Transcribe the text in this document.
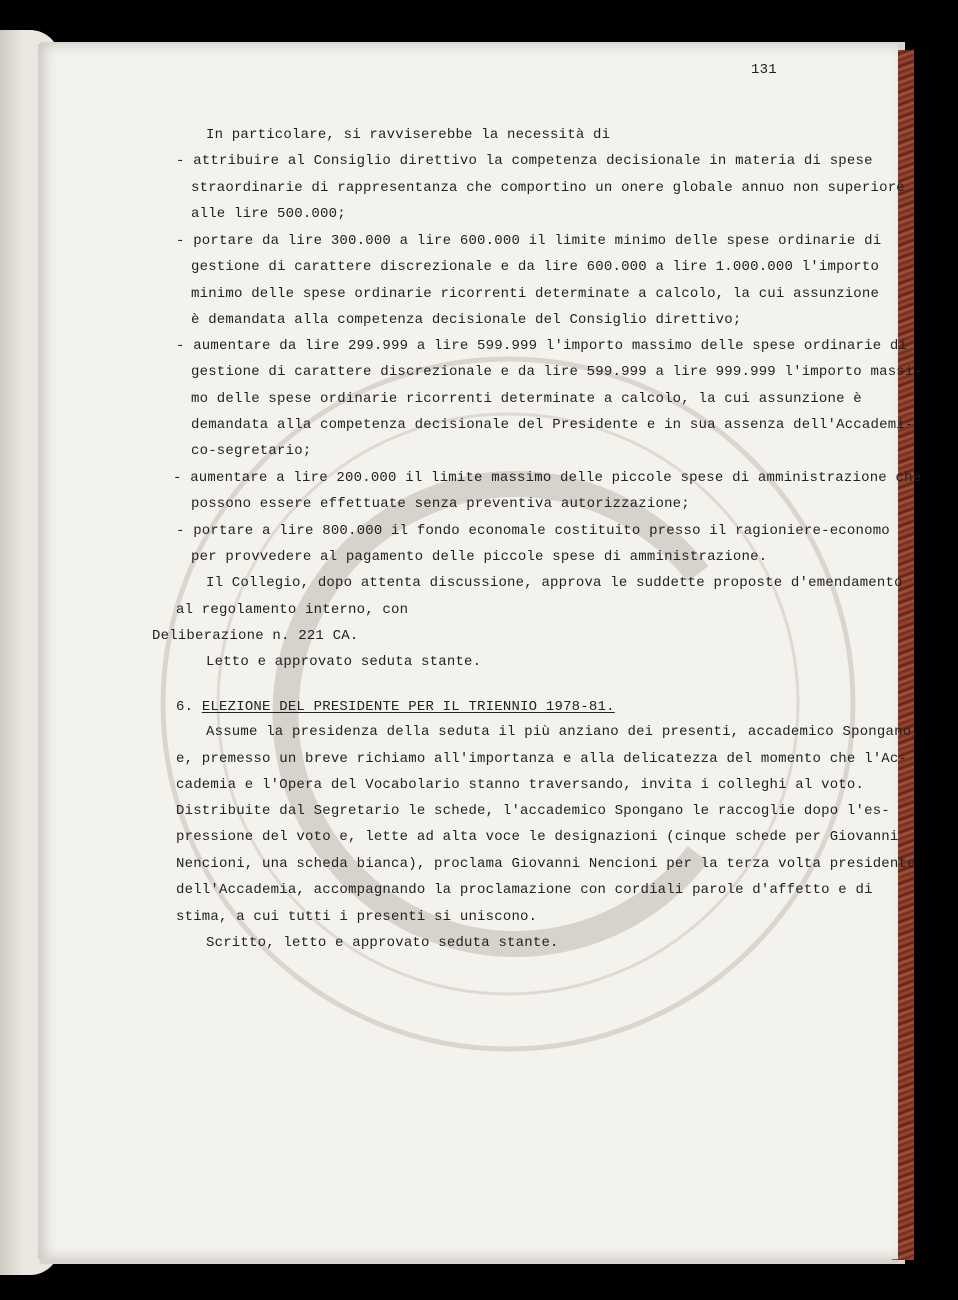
131
In particolare, si ravviserebbe la necessità di
- attribuire al Consiglio direttivo la competenza decisionale in materia di spese
straordinarie di rappresentanza che comportino un onere globale annuo non superiore
alle lire 500.000;
- portare da lire 300.000 a lire 600.000 il limite minimo delle spese ordinarie di
gestione di carattere discrezionale e da lire 600.000 a lire 1.000.000 l'importo
minimo delle spese ordinarie ricorrenti determinate a calcolo, la cui assunzione
è demandata alla competenza decisionale del Consiglio direttivo;
- aumentare da lire 299.999 a lire 599.999 l'importo massimo delle spese ordinarie di
gestione di carattere discrezionale e da lire 599.999 a lire 999.999 l'importo massi-
mo delle spese ordinarie ricorrenti determinate a calcolo, la cui assunzione è
demandata alla competenza decisionale del Presidente e in sua assenza dell'Accademi-
co-segretario;
- aumentare a lire 200.000 il limite massimo delle piccole spese di amministrazione che
possono essere effettuate senza preventiva autorizzazione;
- portare a lire 800.000 il fondo economale costituito presso il ragioniere-economo
per provvedere al pagamento delle piccole spese di amministrazione.
Il Collegio, dopo attenta discussione, approva le suddette proposte d'emendamento
al regolamento interno, con
Deliberazione n. 221 CA.
Letto e approvato seduta stante.
6. ELEZIONE DEL PRESIDENTE PER IL TRIENNIO 1978-81.
Assume la presidenza della seduta il più anziano dei presenti, accademico Spongano,
e, premesso un breve richiamo all'importanza e alla delicatezza del momento che l'Ac-
cademia e l'Opera del Vocabolario stanno traversando, invita i colleghi al voto.
Distribuite dal Segretario le schede, l'accademico Spongano le raccoglie dopo l'es-
pressione del voto e, lette ad alta voce le designazioni (cinque schede per Giovanni
Nencioni, una scheda bianca), proclama Giovanni Nencioni per la terza volta presidente
dell'Accademia, accompagnando la proclamazione con cordiali parole d'affetto e di
stima, a cui tutti i presenti si uniscono.
Scritto, letto e approvato seduta stante.
